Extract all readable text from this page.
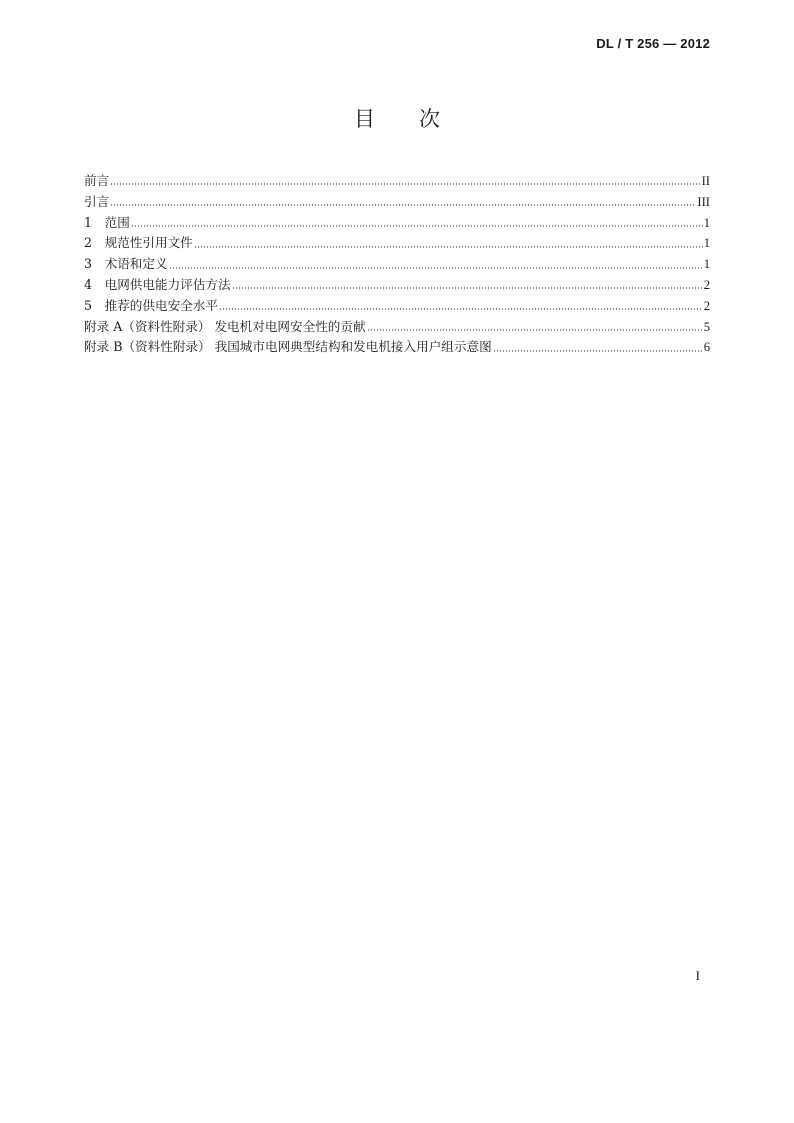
DL / T 256 — 2012
目次
前言	II
引言	III
1　范围	1
2　规范性引用文件	1
3　术语和定义	1
4　电网供电能力评估方法	2
5　推荐的供电安全水平	2
附录 A（资料性附录） 发电机对电网安全性的贡献	5
附录 B（资料性附录） 我国城市电网典型结构和发电机接入用户组示意图	6
I
